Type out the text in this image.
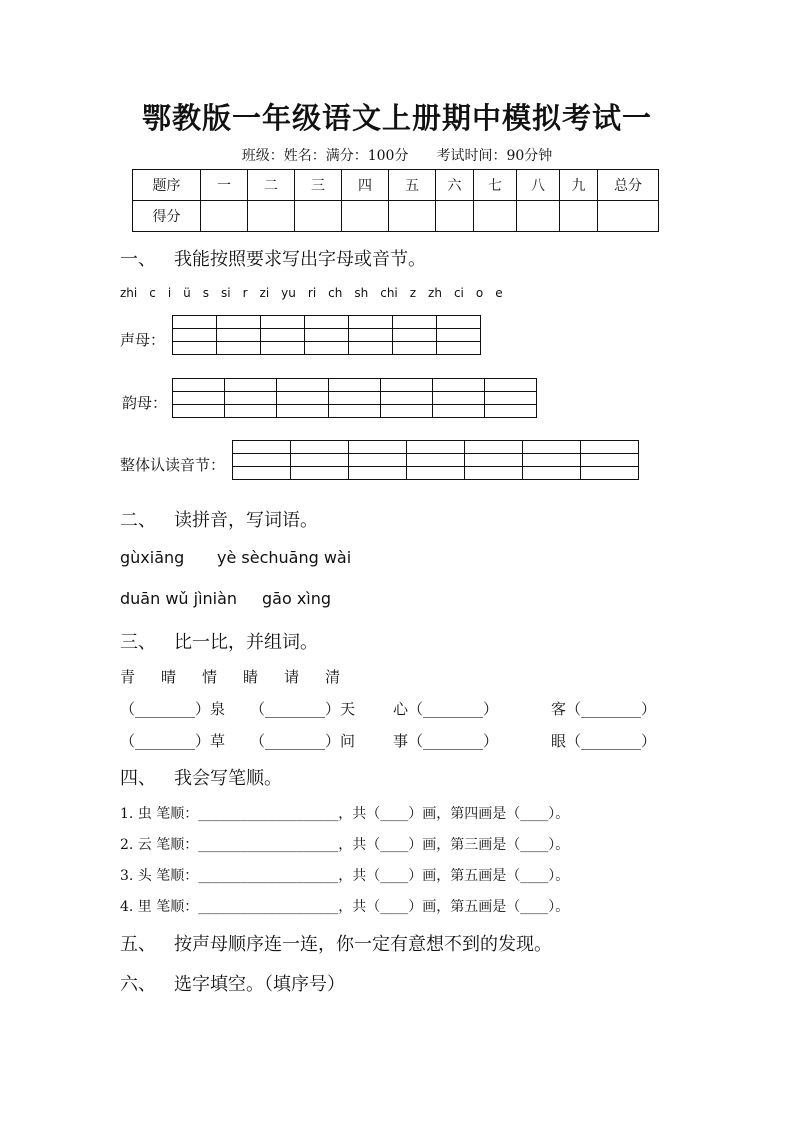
鄂教版一年级语文上册期中模拟考试一
班级：姓名：满分：100分　　考试时间：90分钟
题序	一	二	三	四	五	六	七	八	九	总分
得分										
一、 我能按照要求写出字母或音节。
zhi　c　i　ü　s　si　r　zi　yu　ri　ch　sh　chi　z　zh　ci　o　e
声母：

韵母：

整体认读音节：

二、 读拼音，写词语。
gùxiāng yè sèchuāng wài
duān wǔ jìniàn gāo xìng
三、 比一比，并组词。
青 晴 情 睛 请 清
（________）泉 （________）天	心（________）	客（________）
（________）草 （________）问	事（________）	眼（________）
四、 我会写笔顺。
1. 虫 笔顺：____________________，共（____）画，第四画是（____）。
2. 云 笔顺：____________________，共（____）画，第三画是（____）。
3. 头 笔顺：____________________，共（____）画，第五画是（____）。
4. 里 笔顺：____________________，共（____）画，第五画是（____）。
五、 按声母顺序连一连，你一定有意想不到的发现。
六、 选字填空。（填序号）
